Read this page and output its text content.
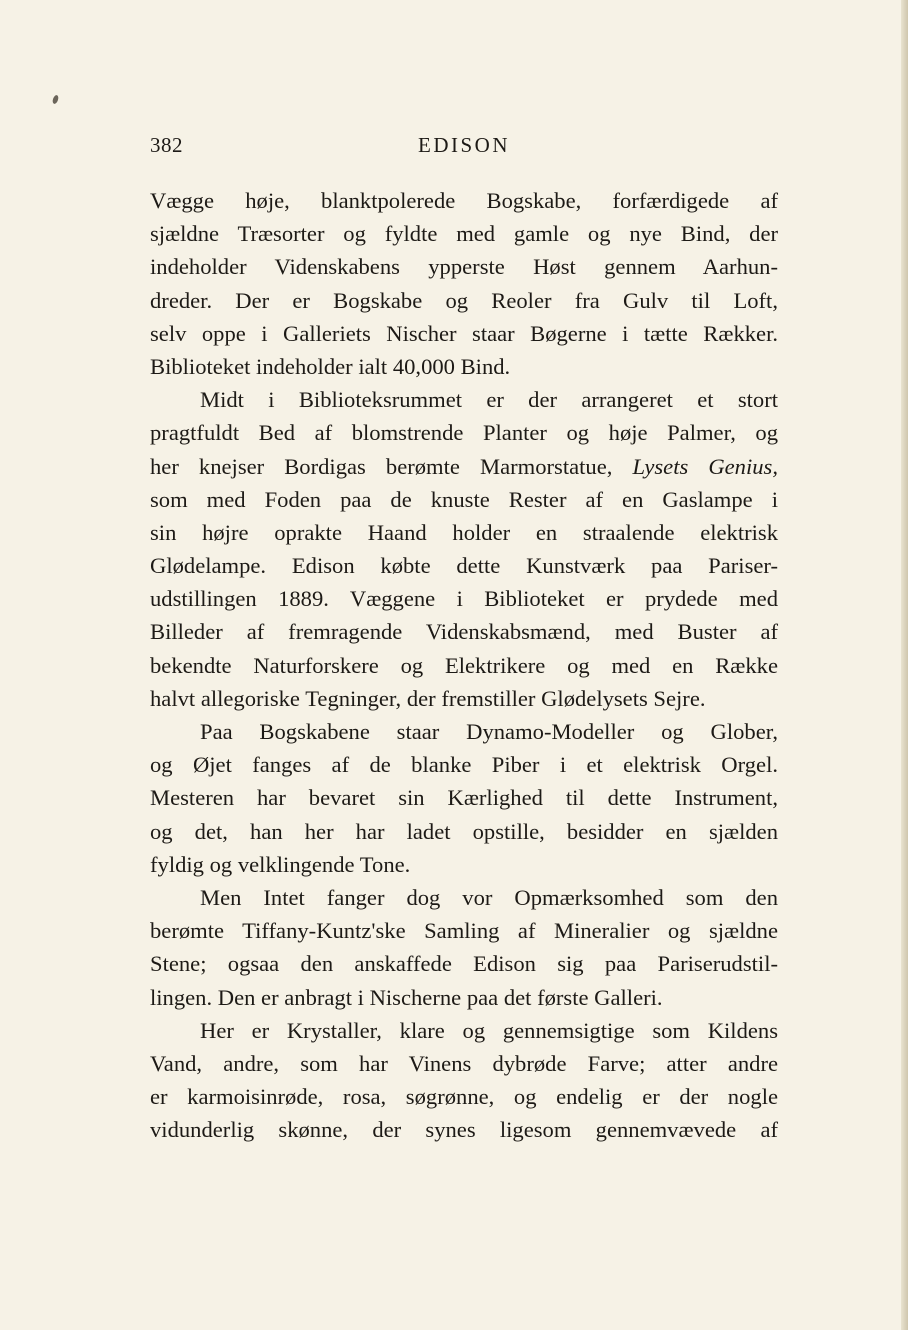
382	EDISON
Vægge høje, blanktpolerede Bogskabe, forfærdigede af
sjældne Træsorter og fyldte med gamle og nye Bind, der
indeholder Videnskabens ypperste Høst gennem Aarhun-
dreder. Der er Bogskabe og Reoler fra Gulv til Loft,
selv oppe i Galleriets Nischer staar Bøgerne i tætte Rækker.
Biblioteket indeholder ialt 40,000 Bind.
Midt i Biblioteksrummet er der arrangeret et stort
pragtfuldt Bed af blomstrende Planter og høje Palmer, og
her knejser Bordigas berømte Marmorstatue, Lysets Genius,
som med Foden paa de knuste Rester af en Gaslampe i
sin højre oprakte Haand holder en straalende elektrisk
Glødelampe. Edison købte dette Kunstværk paa Pariser-
udstillingen 1889. Væggene i Biblioteket er prydede med
Billeder af fremragende Videnskabsmænd, med Buster af
bekendte Naturforskere og Elektrikere og med en Række
halvt allegoriske Tegninger, der fremstiller Glødelysets Sejre.
Paa Bogskabene staar Dynamo-Modeller og Glober,
og Øjet fanges af de blanke Piber i et elektrisk Orgel.
Mesteren har bevaret sin Kærlighed til dette Instrument,
og det, han her har ladet opstille, besidder en sjælden
fyldig og velklingende Tone.
Men Intet fanger dog vor Opmærksomhed som den
berømte Tiffany-Kuntz'ske Samling af Mineralier og sjældne
Stene; ogsaa den anskaffede Edison sig paa Pariserudstil-
lingen. Den er anbragt i Nischerne paa det første Galleri.
Her er Krystaller, klare og gennemsigtige som Kildens
Vand, andre, som har Vinens dybrøde Farve; atter andre
er karmoisinrøde, rosa, søgrønne, og endelig er der nogle
vidunderlig skønne, der synes ligesom gennemvævede af
